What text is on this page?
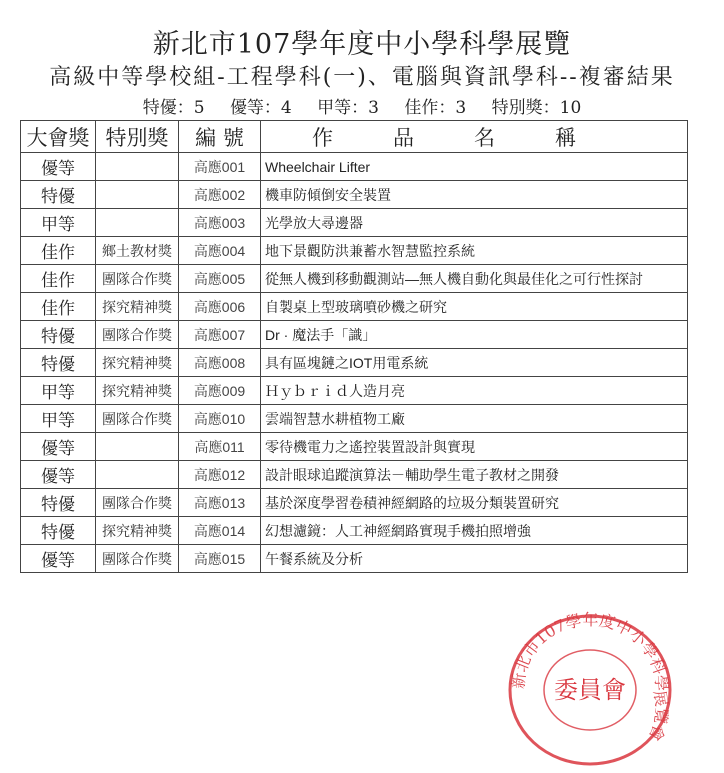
新北市107學年度中小學科學展覽
高級中等學校組-工程學科(一)、電腦與資訊學科--複審結果
特優：5 優等：4 甲等：3 佳作：3 特別獎：10
大會獎	特別獎	編 號	作品名稱
優等		高應001	Wheelchair Lifter
特優		高應002	機車防傾倒安全裝置
甲等		高應003	光學放大尋邊器
佳作	鄉土教材獎	高應004	地下景觀防洪兼蓄水智慧監控系統
佳作	團隊合作獎	高應005	從無人機到移動觀測站—無人機自動化與最佳化之可行性探討
佳作	探究精神獎	高應006	自製桌上型玻璃噴砂機之研究
特優	團隊合作獎	高應007	Dr · 魔法手「識」
特優	探究精神獎	高應008	具有區塊鏈之IOT用電系統
甲等	探究精神獎	高應009	Ｈｙｂｒｉｄ人造月亮
甲等	團隊合作獎	高應010	雲端智慧水耕植物工廠
優等		高應011	零待機電力之遙控裝置設計與實現
優等		高應012	設計眼球追蹤演算法－輔助學生電子教材之開發
特優	團隊合作獎	高應013	基於深度學習卷積神經網路的垃圾分類裝置研究
特優	探究精神獎	高應014	幻想濾鏡：人工神經網路實現手機拍照增強
優等	團隊合作獎	高應015	午餐系統及分析
新北市107學年度中小學科學展覽會
委員會
